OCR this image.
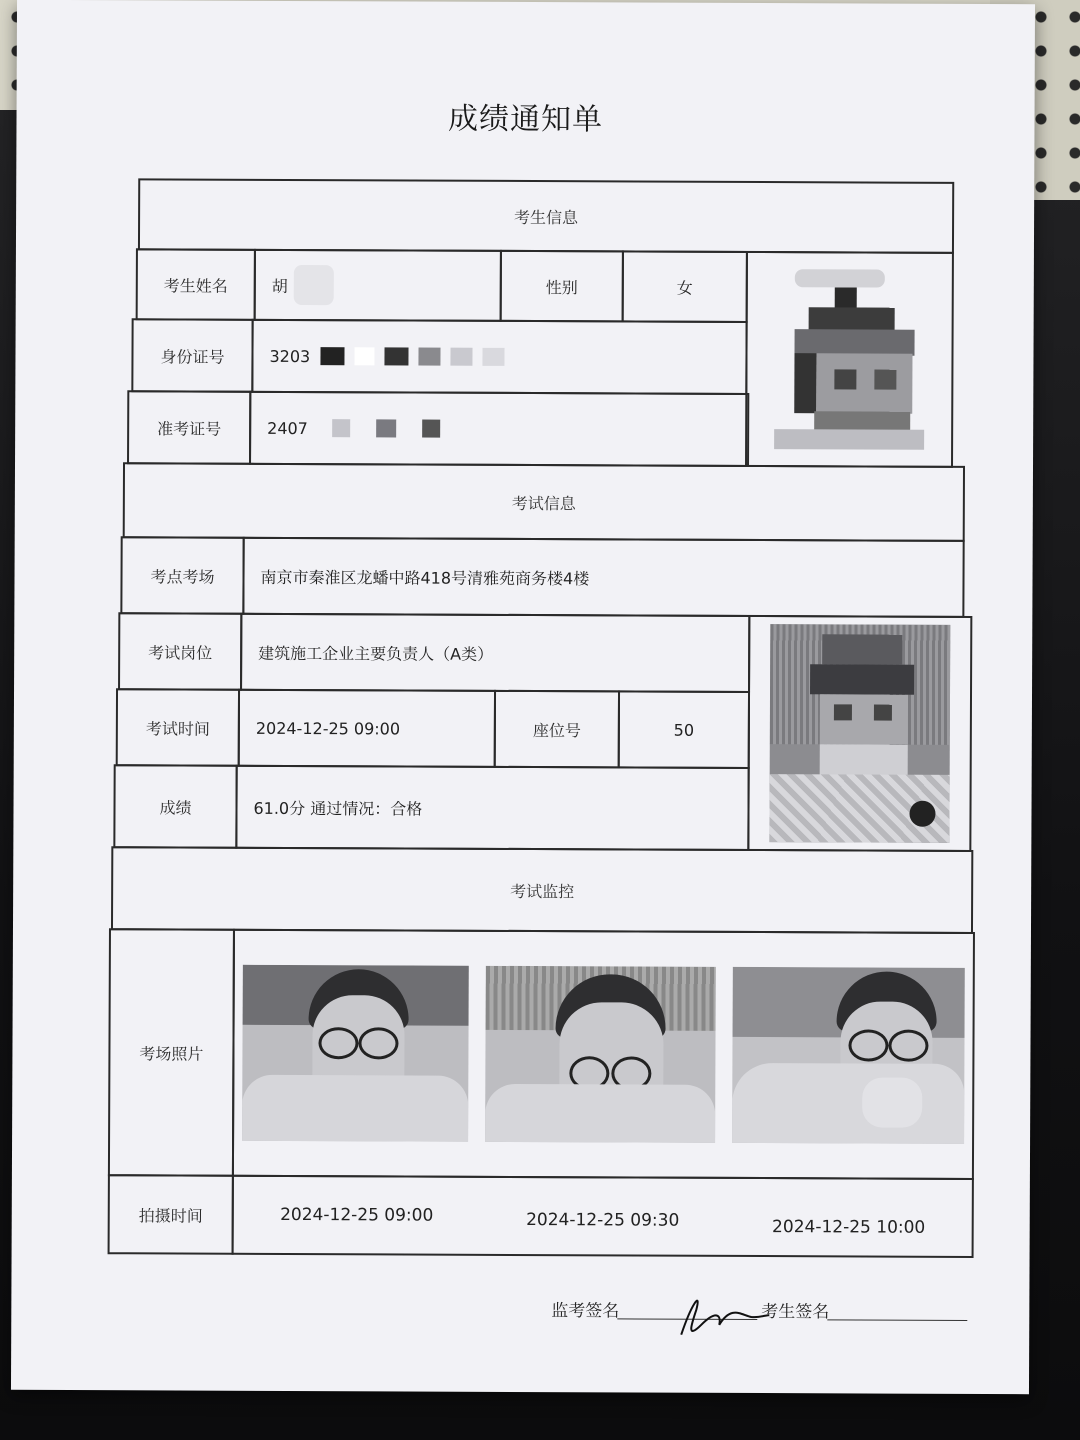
成绩通知单
考生信息
考生姓名	胡	性别	女
身份证号	3203
准考证号	2407
考试信息
考点考场	南京市秦淮区龙蟠中路418号清雅苑商务楼4楼
考试岗位	建筑施工企业主要负责人（A类）
考试时间	2024-12-25 09:00	座位号	50
成绩	61.0分 通过情况：合格
考试监控
考场照片
拍摄时间	2024-12-25 09:00	2024-12-25 09:30	2024-12-25 10:00
监考签名	考生签名
